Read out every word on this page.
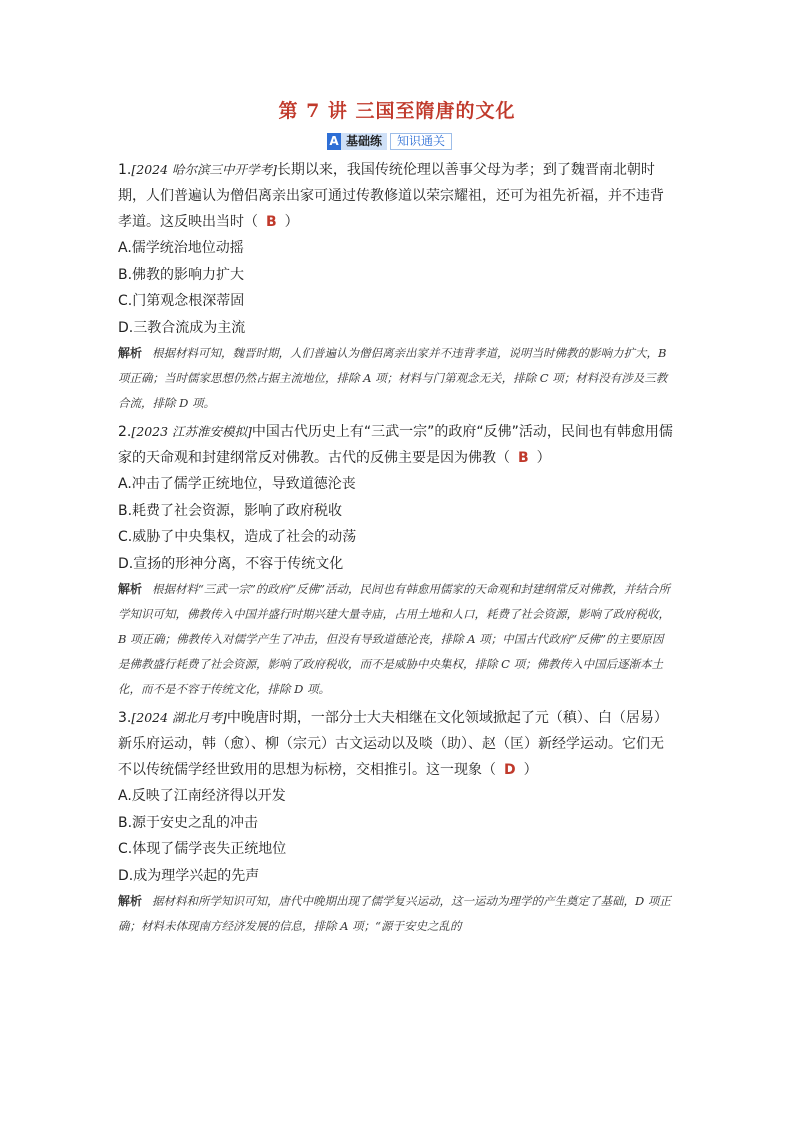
第 7 讲 三国至隋唐的文化
A 基础练	知识通关

1.[2024 哈尔滨三中开学考]长期以来，我国传统伦理以善事父母为孝；到了魏晋南北朝时期，人们普遍认为僧侣离亲出家可通过传教修道以荣宗耀祖，还可为祖先祈福，并不违背孝道。这反映出当时（ B ）

A.儒学统治地位动摇

B.佛教的影响力扩大

C.门第观念根深蒂固

D.三教合流成为主流

解析 根据材料可知，魏晋时期，人们普遍认为僧侣离亲出家并不违背孝道，说明当时佛教的影响力扩大，B 项正确；当时儒家思想仍然占据主流地位，排除 A 项；材料与门第观念无关，排除 C 项；材料没有涉及三教合流，排除 D 项。

2.[2023 江苏淮安模拟]中国古代历史上有“三武一宗”的政府“反佛”活动，民间也有韩愈用儒家的天命观和封建纲常反对佛教。古代的反佛主要是因为佛教（ B ）

A.冲击了儒学正统地位，导致道德沦丧

B.耗费了社会资源，影响了政府税收

C.威胁了中央集权，造成了社会的动荡

D.宣扬的形神分离，不容于传统文化

解析 根据材料“三武一宗”的政府“反佛”活动，民间也有韩愈用儒家的天命观和封建纲常反对佛教，并结合所学知识可知，佛教传入中国并盛行时期兴建大量寺庙，占用土地和人口，耗费了社会资源，影响了政府税收，B 项正确；佛教传入对儒学产生了冲击，但没有导致道德沦丧，排除 A 项；中国古代政府“反佛”的主要原因是佛教盛行耗费了社会资源，影响了政府税收，而不是威胁中央集权，排除 C 项；佛教传入中国后逐渐本土化，而不是不容于传统文化，排除 D 项。

3.[2024 湖北月考]中晚唐时期，一部分士大夫相继在文化领域掀起了元（稹）、白（居易）新乐府运动，韩（愈）、柳（宗元）古文运动以及啖（助）、赵（匡）新经学运动。它们无不以传统儒学经世致用的思想为标榜，交相推引。这一现象（ D ）

A.反映了江南经济得以开发

B.源于安史之乱的冲击

C.体现了儒学丧失正统地位

D.成为理学兴起的先声

解析 据材料和所学知识可知，唐代中晚期出现了儒学复兴运动，这一运动为理学的产生奠定了基础，D 项正确；材料未体现南方经济发展的信息，排除 A 项；“源于安史之乱的
